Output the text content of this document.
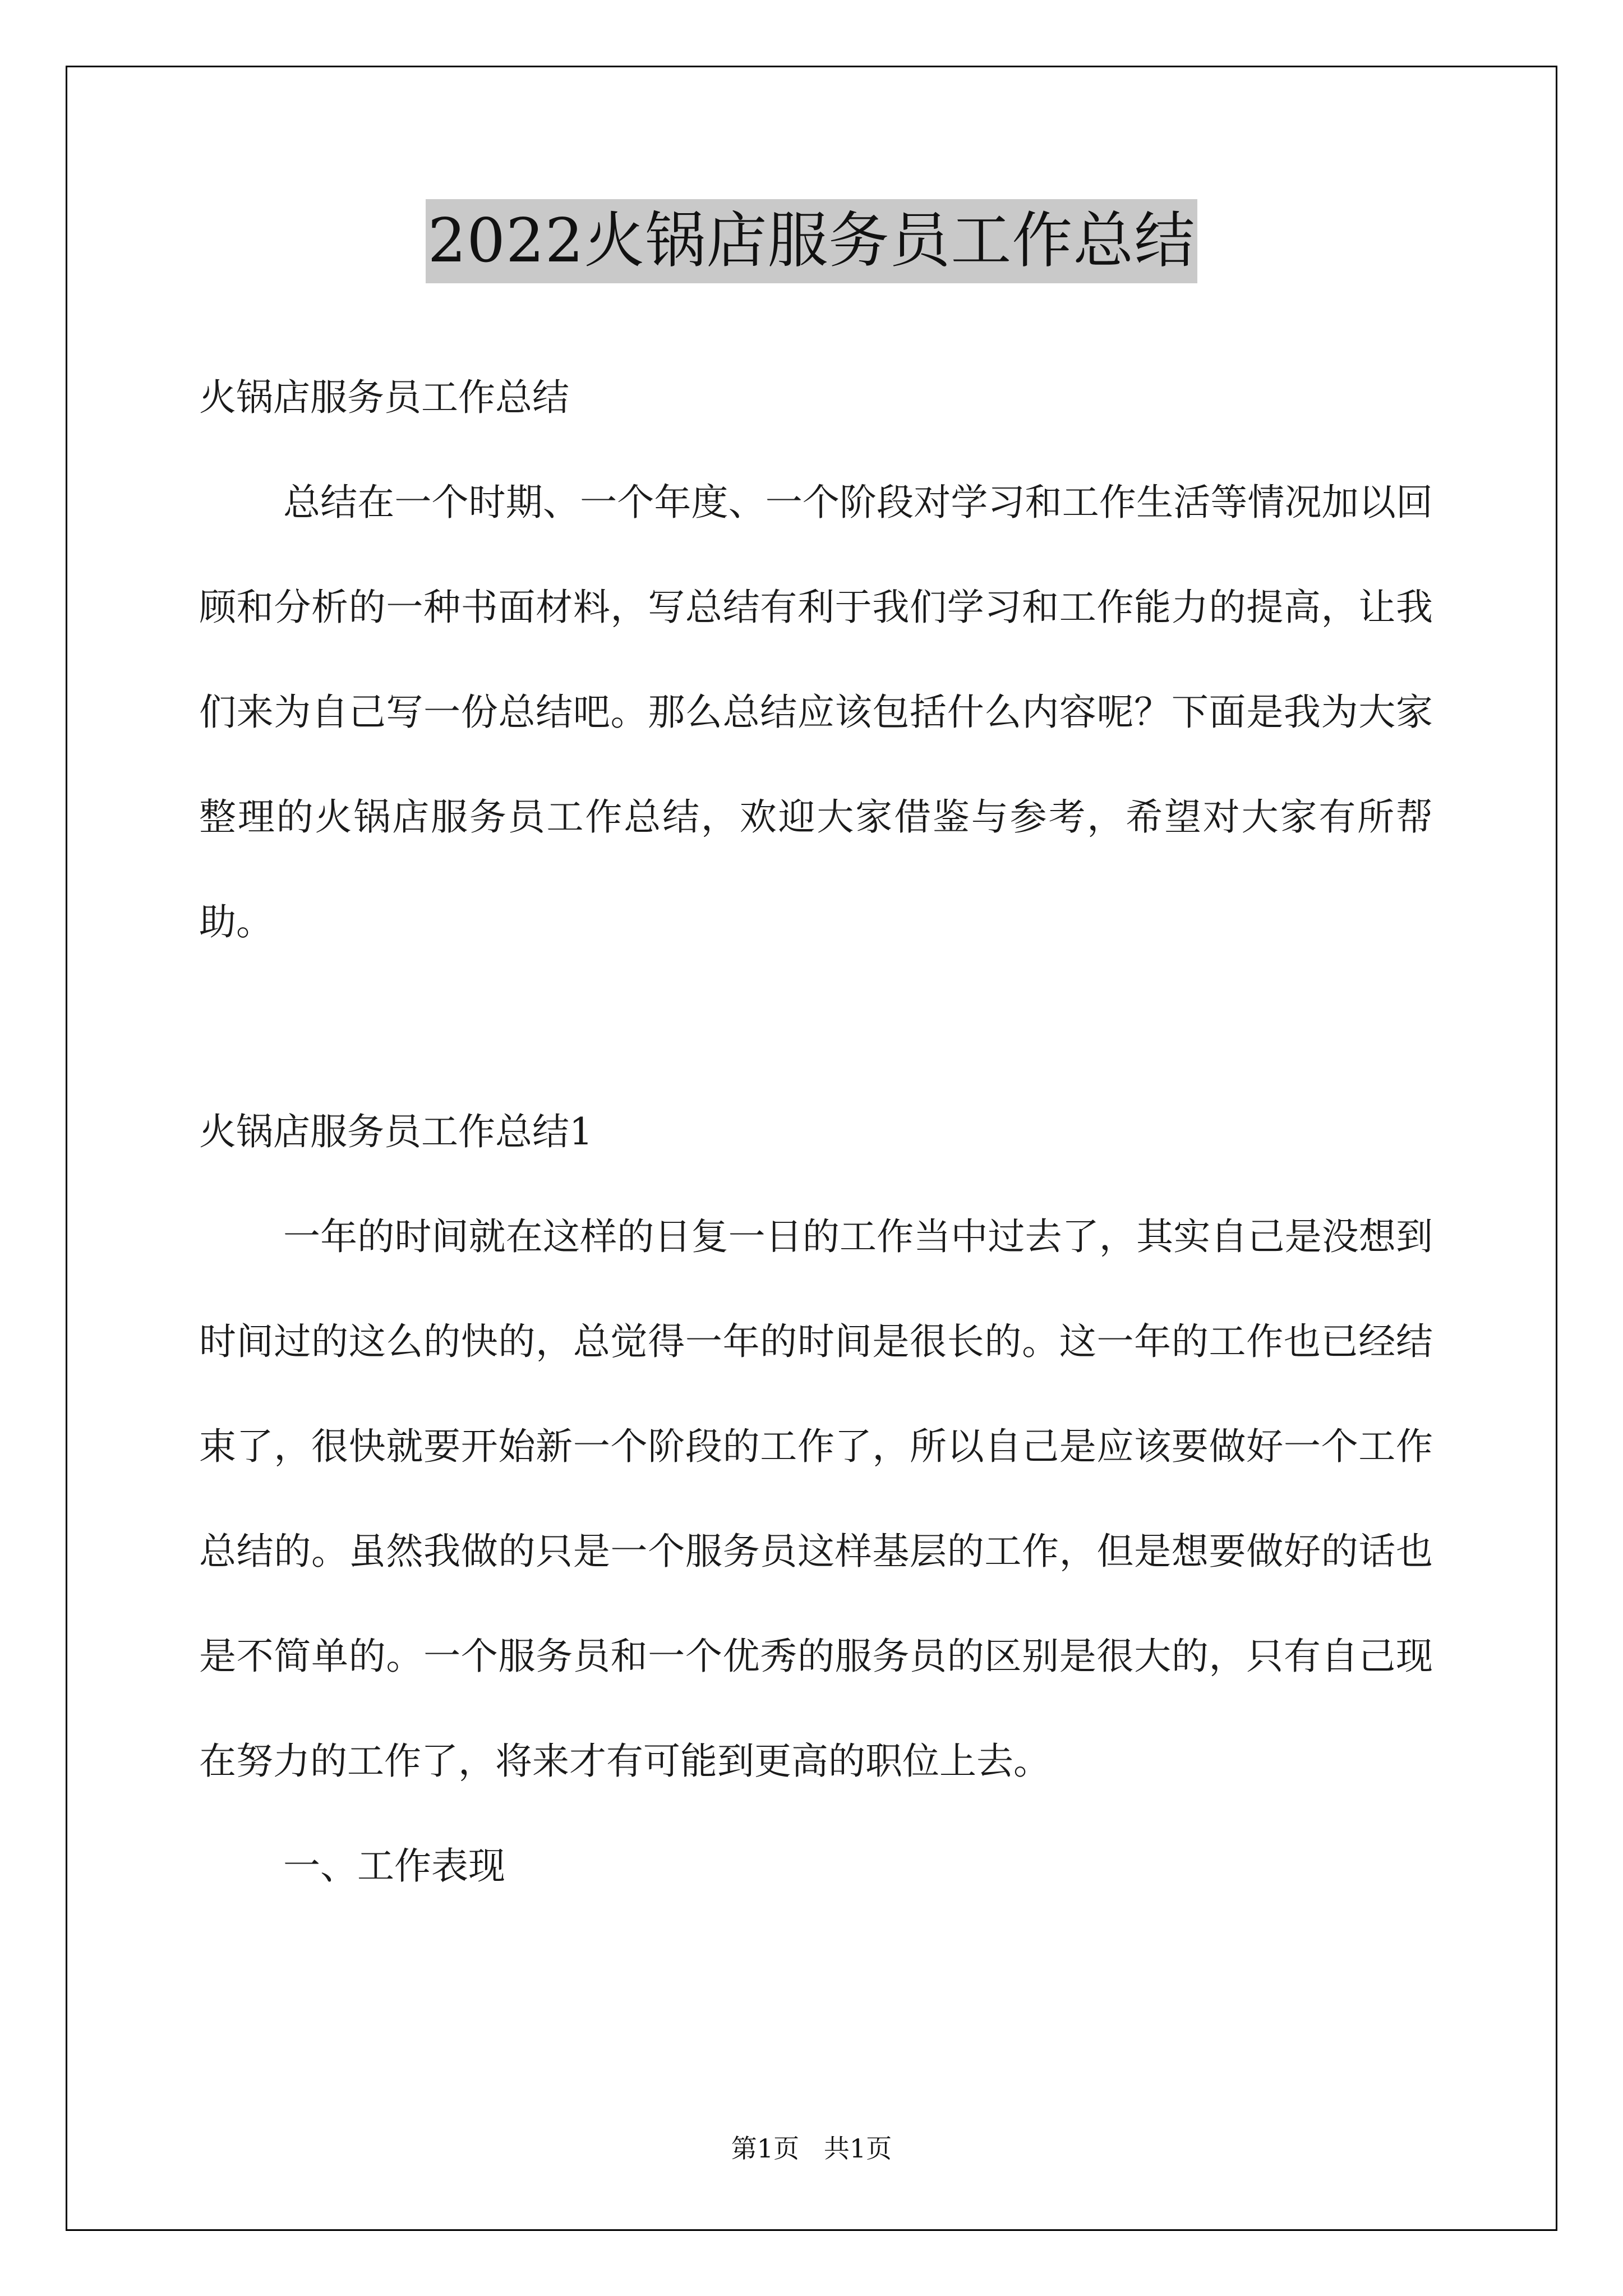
2022火锅店服务员工作总结

火锅店服务员工作总结

总结在一个时期、一个年度、一个阶段对学习和工作生活等情况加以回顾和分析的一种书面材料，写总结有利于我们学习和工作能力的提高，让我们来为自己写一份总结吧。那么总结应该包括什么内容呢？下面是我为大家整理的火锅店服务员工作总结，欢迎大家借鉴与参考，希望对大家有所帮助。

火锅店服务员工作总结1

一年的时间就在这样的日复一日的工作当中过去了，其实自己是没想到时间过的这么的快的，总觉得一年的时间是很长的。这一年的工作也已经结束了，很快就要开始新一个阶段的工作了，所以自己是应该要做好一个工作总结的。虽然我做的只是一个服务员这样基层的工作，但是想要做好的话也是不简单的。一个服务员和一个优秀的服务员的区别是很大的，只有自己现在努力的工作了，将来才有可能到更高的职位上去。

一、工作表现

第1页   共1页
